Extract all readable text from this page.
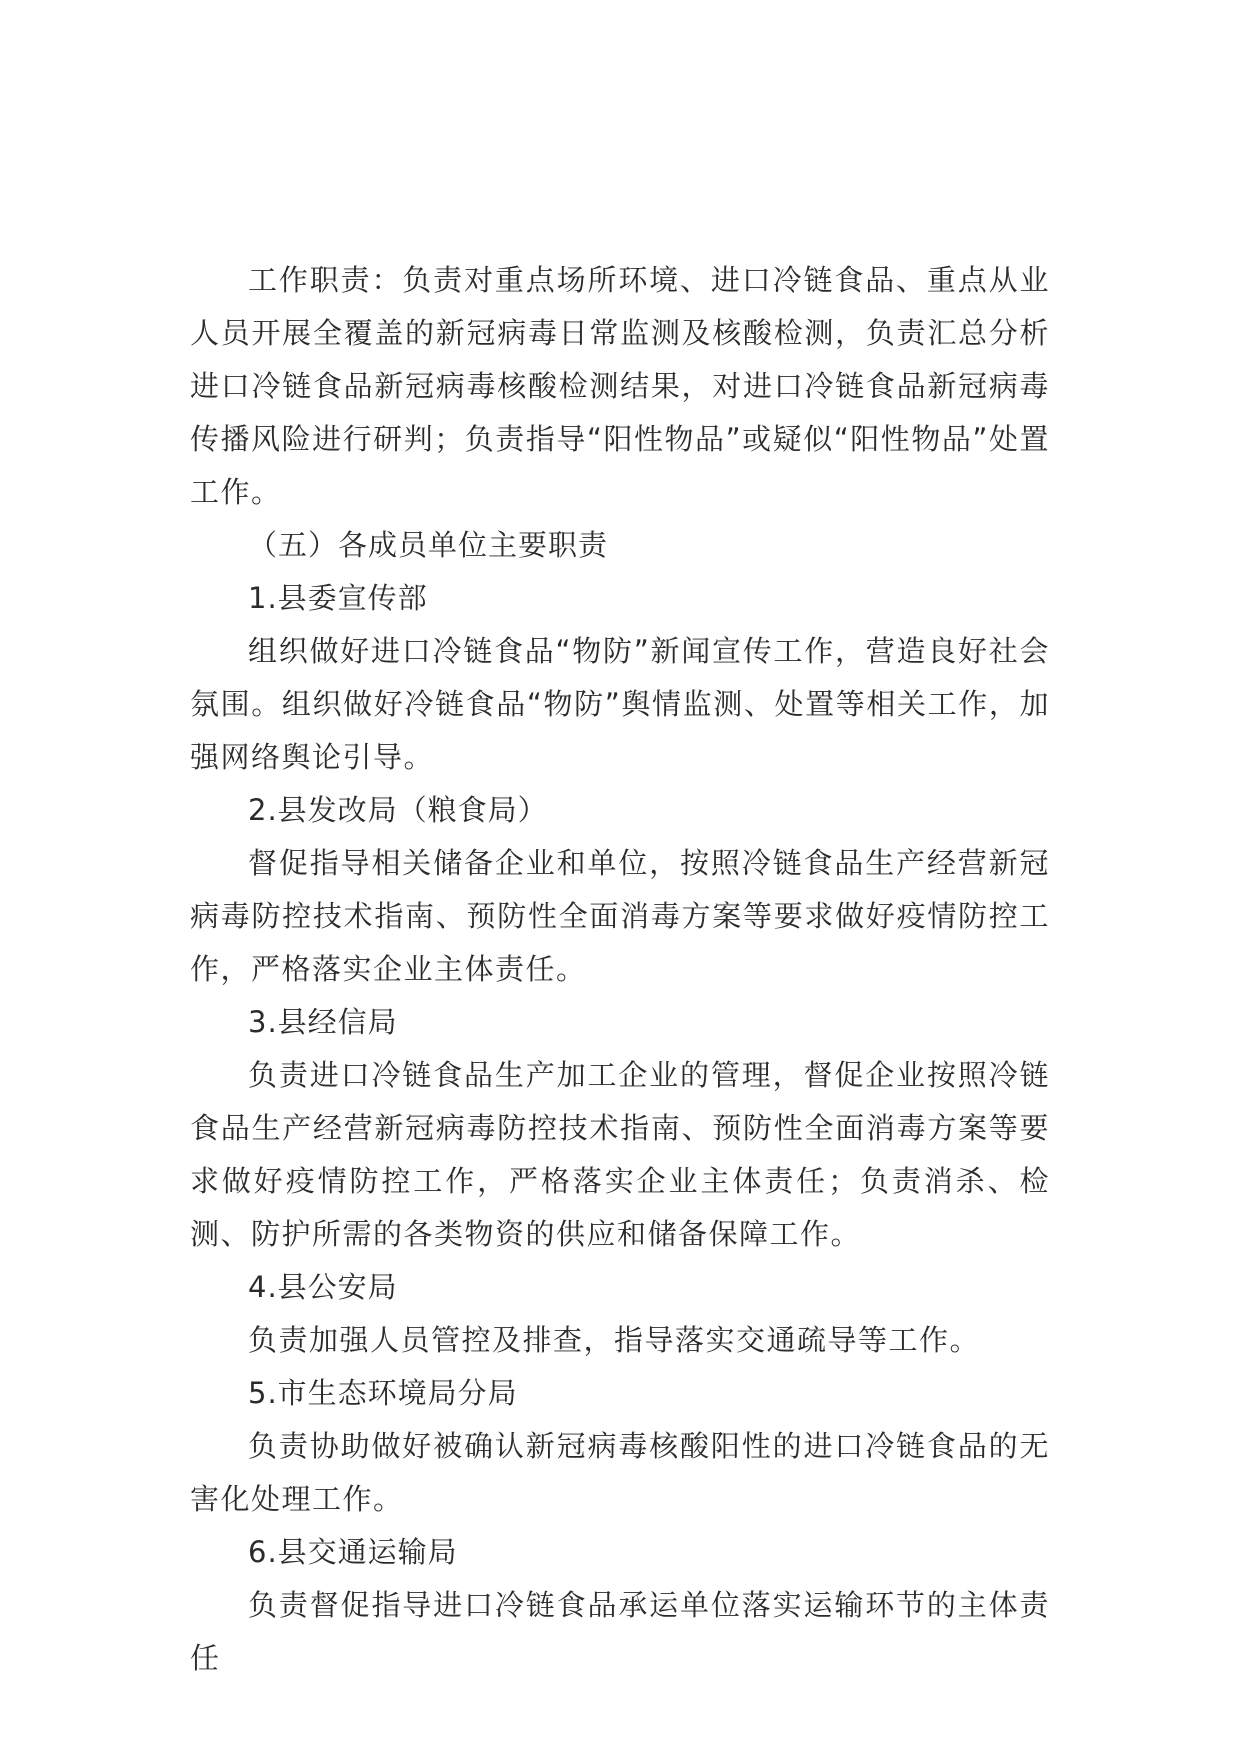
工作职责：负责对重点场所环境、进口冷链食品、重点从业人员开展全覆盖的新冠病毒日常监测及核酸检测，负责汇总分析进口冷链食品新冠病毒核酸检测结果，对进口冷链食品新冠病毒传播风险进行研判；负责指导“阳性物品”或疑似“阳性物品”处置工作。

（五）各成员单位主要职责

1.县委宣传部

组织做好进口冷链食品“物防”新闻宣传工作，营造良好社会氛围。组织做好冷链食品“物防”舆情监测、处置等相关工作，加强网络舆论引导。

2.县发改局（粮食局）

督促指导相关储备企业和单位，按照冷链食品生产经营新冠病毒防控技术指南、预防性全面消毒方案等要求做好疫情防控工作，严格落实企业主体责任。

3.县经信局

负责进口冷链食品生产加工企业的管理，督促企业按照冷链食品生产经营新冠病毒防控技术指南、预防性全面消毒方案等要求做好疫情防控工作，严格落实企业主体责任；负责消杀、检测、防护所需的各类物资的供应和储备保障工作。

4.县公安局

负责加强人员管控及排查，指导落实交通疏导等工作。

5.市生态环境局分局

负责协助做好被确认新冠病毒核酸阳性的进口冷链食品的无害化处理工作。

6.县交通运输局

负责督促指导进口冷链食品承运单位落实运输环节的主体责任
